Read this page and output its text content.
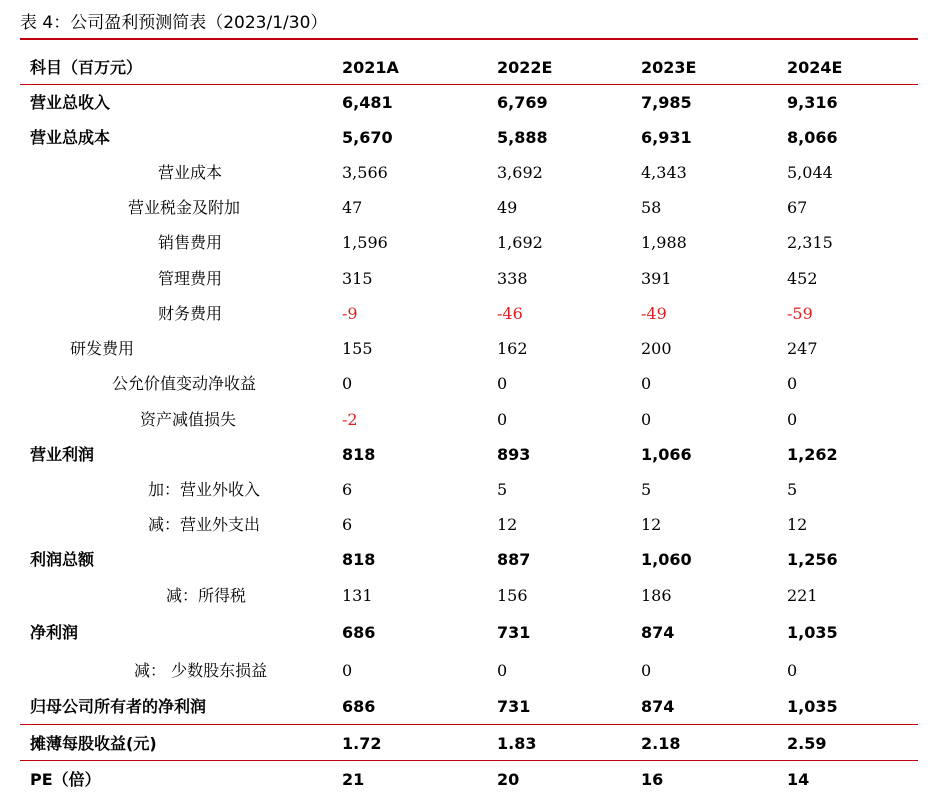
表 4：公司盈利预测简表（2023/1/30）
科目（百万元）	2021A	2022E	2023E	2024E
营业总收入	6,481	6,769	7,985	9,316
营业总成本	5,670	5,888	6,931	8,066
营业成本	3,566	3,692	4,343	5,044
营业税金及附加	47	49	58	67
销售费用	1,596	1,692	1,988	2,315
管理费用	315	338	391	452
财务费用	-9	-46	-49	-59
研发费用	155	162	200	247
公允价值变动净收益	0	0	0	0
资产减值损失	-2	0	0	0
营业利润	818	893	1,066	1,262
加：营业外收入	6	5	5	5
减：营业外支出	6	12	12	12
利润总额	818	887	1,060	1,256
减：所得税	131	156	186	221
净利润	686	731	874	1,035
减： 少数股东损益	0	0	0	0
归母公司所有者的净利润	686	731	874	1,035
摊薄每股收益(元)	1.72	1.83	2.18	2.59
PE（倍）	21	20	16	14
